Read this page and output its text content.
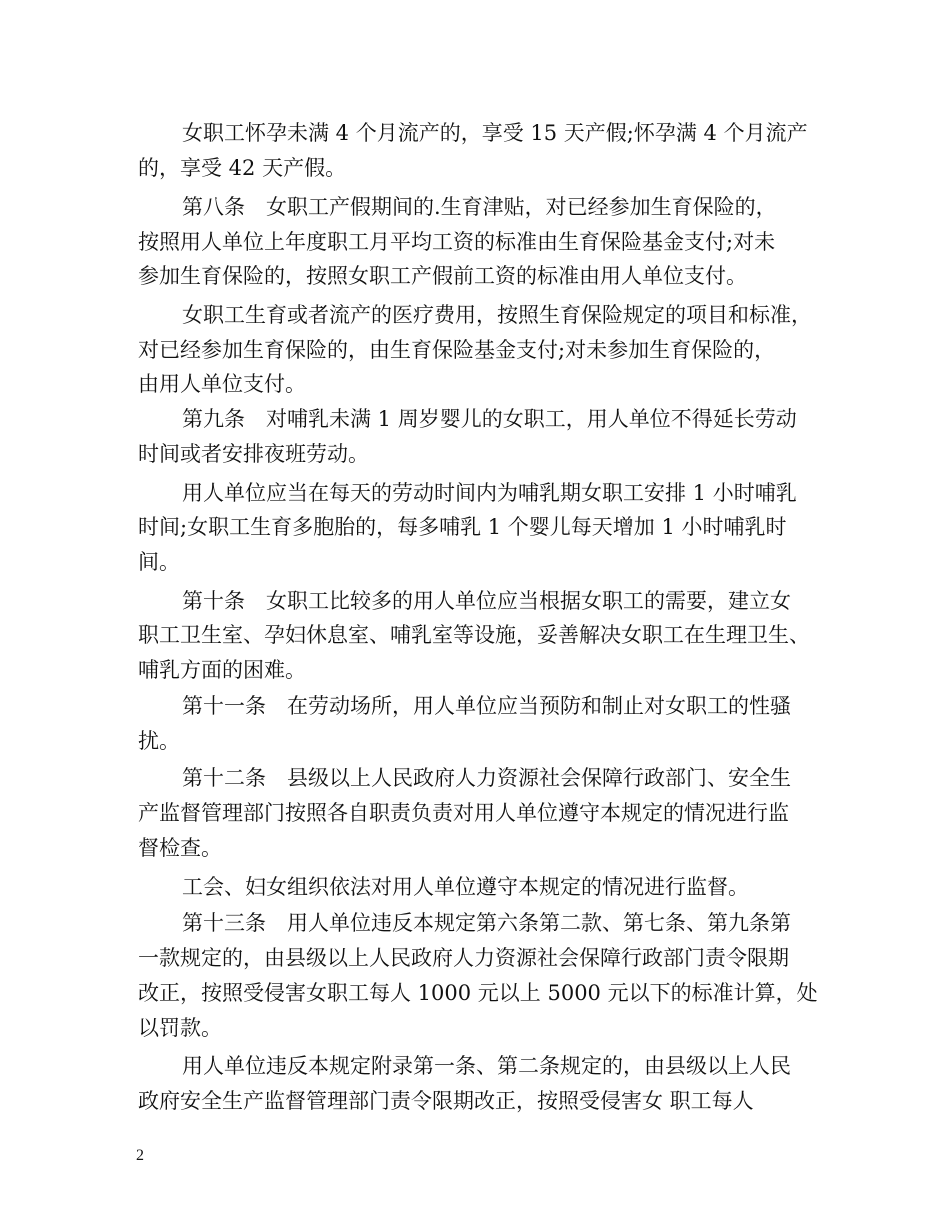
女职工怀孕未满 4 个月流产的，享受 15 天产假;怀孕满 4 个月流产

的，享受 42 天产假。

第八条　女职工产假期间的.生育津贴，对已经参加生育保险的，

按照用人单位上年度职工月平均工资的标准由生育保险基金支付;对未

参加生育保险的，按照女职工产假前工资的标准由用人单位支付。

女职工生育或者流产的医疗费用，按照生育保险规定的项目和标准，

对已经参加生育保险的，由生育保险基金支付;对未参加生育保险的，

由用人单位支付。

第九条　对哺乳未满 1 周岁婴儿的女职工，用人单位不得延长劳动

时间或者安排夜班劳动。

用人单位应当在每天的劳动时间内为哺乳期女职工安排 1 小时哺乳

时间;女职工生育多胞胎的，每多哺乳 1 个婴儿每天增加 1 小时哺乳时

间。

第十条　女职工比较多的用人单位应当根据女职工的需要，建立女

职工卫生室、孕妇休息室、哺乳室等设施，妥善解决女职工在生理卫生、

哺乳方面的困难。

第十一条　在劳动场所，用人单位应当预防和制止对女职工的性骚

扰。

第十二条　县级以上人民政府人力资源社会保障行政部门、安全生

产监督管理部门按照各自职责负责对用人单位遵守本规定的情况进行监

督检查。

工会、妇女组织依法对用人单位遵守本规定的情况进行监督。

第十三条　用人单位违反本规定第六条第二款、第七条、第九条第

一款规定的，由县级以上人民政府人力资源社会保障行政部门责令限期

改正，按照受侵害女职工每人 1000 元以上 5000 元以下的标准计算，处

以罚款。

用人单位违反本规定附录第一条、第二条规定的，由县级以上人民

政府安全生产监督管理部门责令限期改正，按照受侵害女 职工每人

2
